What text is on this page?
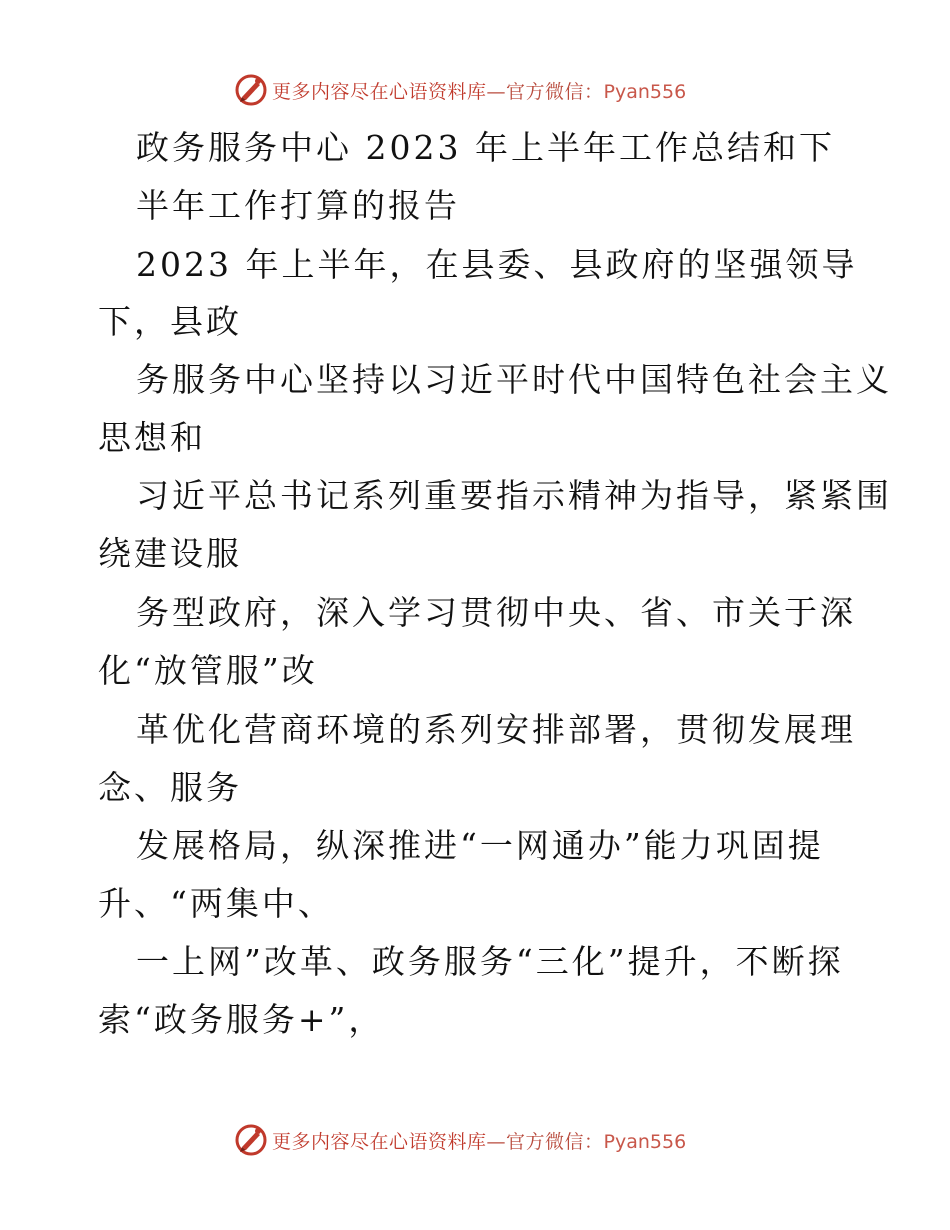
更多内容尽在心语资料库—官方微信：Pyan556
政务服务中心 2023 年上半年工作总结和下
半年工作打算的报告
2023 年上半年，在县委、县政府的坚强领导
下，县政
务服务中心坚持以习近平时代中国特色社会主义
思想和
习近平总书记系列重要指示精神为指导，紧紧围
绕建设服
务型政府，深入学习贯彻中央、省、市关于深
化“放管服”改
革优化营商环境的系列安排部署，贯彻发展理
念、服务
发展格局，纵深推进“一网通办”能力巩固提
升、“两集中、
一上网”改革、政务服务“三化”提升，不断探
索“政务服务+”，
更多内容尽在心语资料库—官方微信：Pyan556
